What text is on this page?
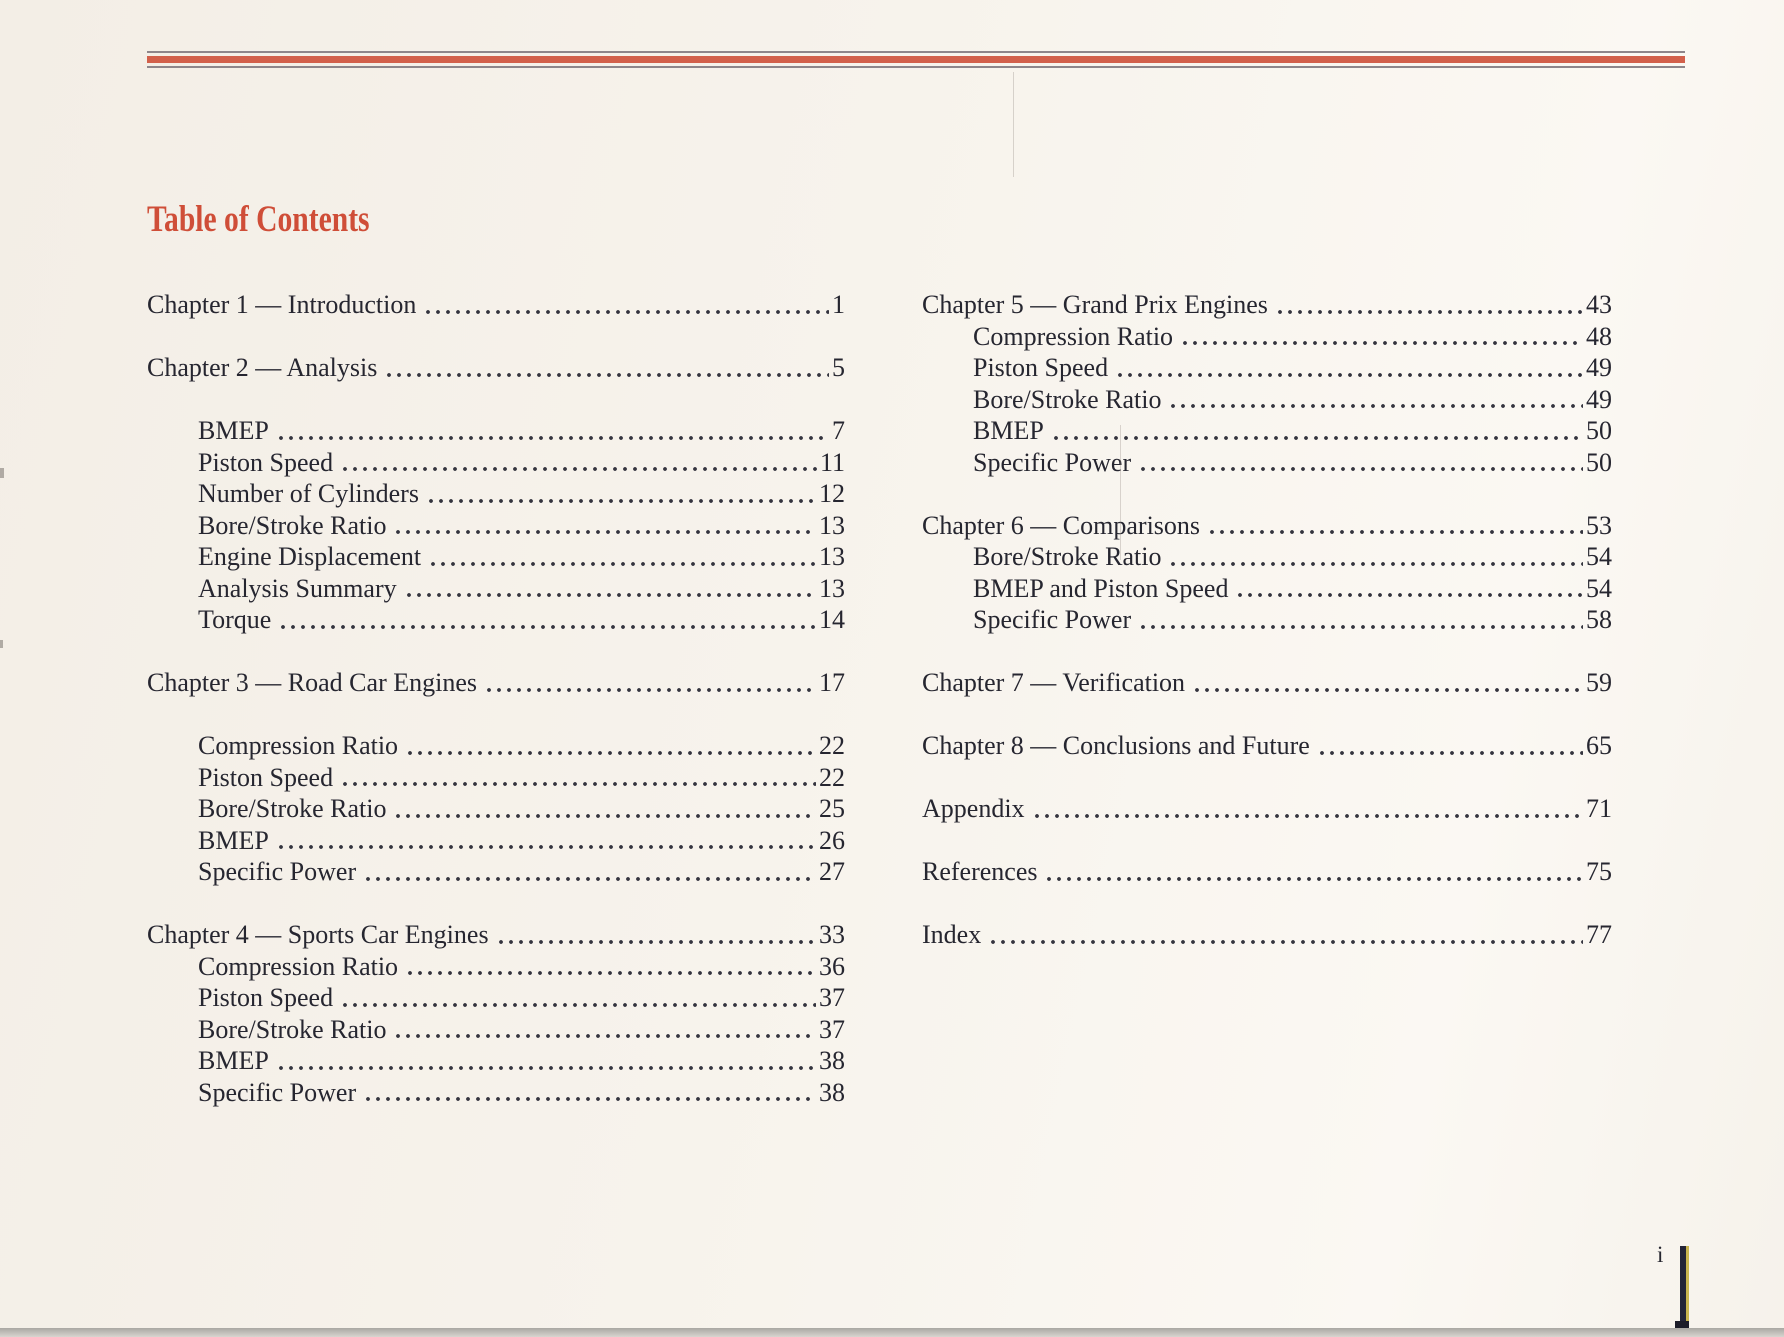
Table of Contents
Chapter 1 — Introduction	1
Chapter 2 — Analysis	5
BMEP	7
Piston Speed	11
Number of Cylinders	12
Bore/Stroke Ratio	13
Engine Displacement	13
Analysis Summary	13
Torque	14
Chapter 3 — Road Car Engines	17
Compression Ratio	22
Piston Speed	22
Bore/Stroke Ratio	25
BMEP	26
Specific Power	27
Chapter 4 — Sports Car Engines	33
Compression Ratio	36
Piston Speed	37
Bore/Stroke Ratio	37
BMEP	38
Specific Power	38
Chapter 5 — Grand Prix Engines	43
Compression Ratio	48
Piston Speed	49
Bore/Stroke Ratio	49
BMEP	50
Specific Power	50
Chapter 6 — Comparisons	53
Bore/Stroke Ratio	54
BMEP and Piston Speed	54
Specific Power	58
Chapter 7 — Verification	59
Chapter 8 — Conclusions and Future	65
Appendix	71
References	75
Index	77
i
